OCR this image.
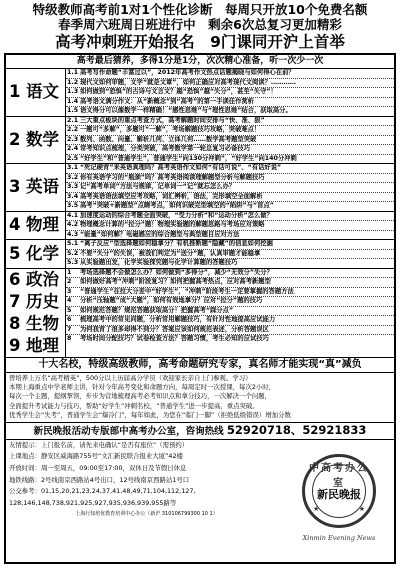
特级教师高考前1对1个性化诊断　每周只开放10个免费名额
春季周六班周日班进行中　剩余6次总复习更加精彩
高考冲刺班开始报名　9门课同开沪上首举
高考最后猜养，多得1分是1分，次次精心准备，听一次少一次
1 语文
1.1 高考写作命题“丰富过以”，2012年高考作文热点话题揭晓与如何得心在前？
1.2 现代文如何审题，文学“就是文章”，如何正确应对高考现代文阅读？…………
1.3 如何做到“恐惧”的古诗与文言文？越“恐惧”越“失分”，甚至“失守”！
1.4 高考语文满分作文：从“新概念”到“高考”的第一手读佳作赏析
1.5 语文得分可以像数学一样精确！“感性思维”与“理性思维”结合，获取高分。
2 数学
2.1 三大重点板块的重点考查方式，高考解题时间安排与“快、准、狠”
2.2 一题可“多解”，多题可“一解”，考场解题技巧攻略，突破难点！
2.3 数列、函数、向量、解析几何、立体几何……数学高考题型突破
2.4 常考知识点梳理，分类突破，高考数学第一轮总复习必备技巧
2.5 “好学生”和“普通学生”，普通学生“向130分冲刺”，“好学生”向140分冲刺
3 英语
3.1 “死记硬背”来英语真理吗？高考英语作文如何“有话可说”、“有话好说”
3.2 你有英语学习的“瓶颈”吗？高考英语阅读理解题型分析与解题技巧
3.3 记“高考单词”方法与规律，记单词一“记”就忘怎么办？
3.4 高考英语语法填空应考攻略，词汇辨析，语法，完形填空全面解析
3.5 高考“突破+新题型”点睛考点，如何识破完型填空的“陷阱”与“盲点”
4 物理
4.1 加速度运动的综合考题全面突破，“受力分析”和“运动分析”怎么做？
4.2 物理概念计算的“拉分”题！物理实验题的解题思路与考场应对策略
4.3 “能量”如何解？电磁感应的综合题型与典型题目应对方法
5 化学
5.1 “离子反应”型选择题如何稳拿分？有机推断题“隐藏”的信息如何挖掘
5.2 不要“失分”的失误，被我们判定为“送分”题，认真审题才能稳拿
5.3 从实验题出发，化学实验探究题与化学计算题的答题技巧
6 政治
7 历史
8 生物
9 地理
1	考场选择题不会做怎么办？如何做到“多得分”，减少“无效分”失分？
2	如何做好高考“冲刺”阶段复习？如何把握高考热点，应对高考新题型
3	“普通学生”在拉大分差中“好学生”，“冲刺”阶段考生一定要掌握的答题方法
4	分析“压轴题”成“大题”，如何有效地拿分？应对“拉分”题的技巧
5	如何规范答题？规范答题获取高分！把握高考“踩分点”
6	梳理高考中的常见问题，分析常用解题技巧，有针对性地提高应试能力
7	为何我背了很多却得不到分？答案应该如何规范表述，分析答题误区
8	考场时间分配技巧？试卷检查方法？答题习惯，考生必知的应试技巧
十大名校，特级高级教师，高考命题研究专家，真名师才能实现“真”减负
曾培养上万名“高考精英”，500分以上历届高分学员（欢迎家长亲自上门参观、学习）
本期上海重点中学老师主讲，针对今年高考变化和命题方向，每周定时一次授课，每次2小时，
每次一个主题，提纲挈领，步步为营地梳理高考必考知识点和拿分技巧，一次解决一个问题，
全面提升考试能力与技巧，帮助“好学生”冲刺名校，“普通学生”进一步提高，重点突破。
优秀学生会“失考”，普通学生会“爆冷门”，每年如此，为您在“临门一脚”（拒绝低级错误）增加分数
新民晚报活动专版部中高考办公室，咨询热线 52920718、52921833
友情提示：上门报名前，请先来电确认“是否有座位”（需预约）
上课地点：静安区威海路755号“文汇新民联合报业大厦”42楼
开放时间：周一至周五，09:00至17:00，双休日及节假日休息
地铁线路：2号线南京西路站4号出口，12号线南京西路站1号口
公交参考：01,15,20,21,23,24,37,41,48,49,71,104,112,127,
128,146,148,738,921,925,927,935,936,939,955路等
上海行知培优教育培训中心办公（新沪 310106799300 10 1）
中高考办公室
新民晚报
★	★
Xinmin Evening News
